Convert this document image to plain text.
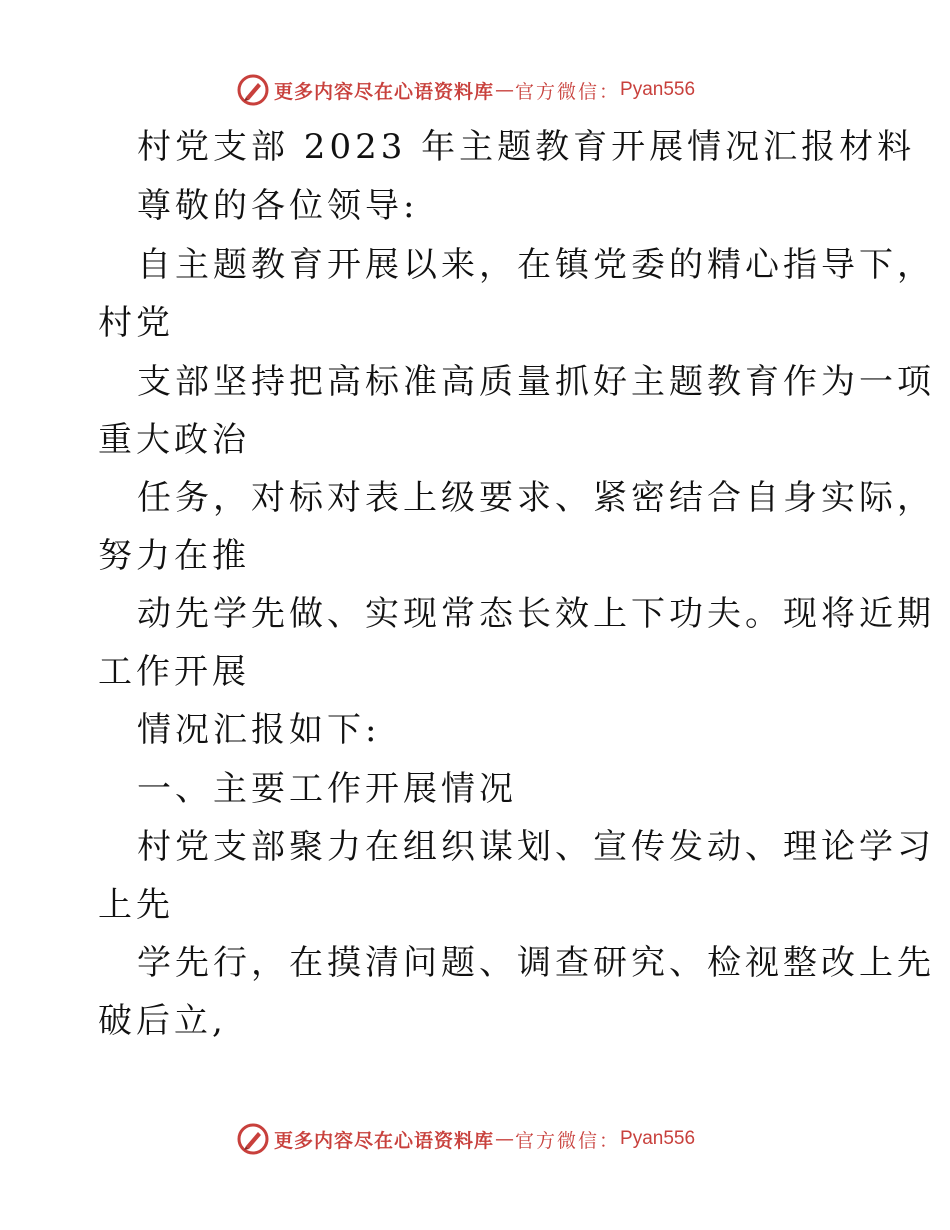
更多内容尽在心语资料库 — 官方微信： Pyan556
村党支部 2023 年主题教育开展情况汇报材料
尊敬的各位领导:
自主题教育开展以来，在镇党委的精心指导下，
村党
支部坚持把高标准高质量抓好主题教育作为一项
重大政治
任务，对标对表上级要求、紧密结合自身实际，
努力在推
动先学先做、实现常态长效上下功夫。现将近期
工作开展
情况汇报如下:
一、主要工作开展情况
村党支部聚力在组织谋划、宣传发动、理论学习
上先
学先行，在摸清问题、调查研究、检视整改上先
破后立,
更多内容尽在心语资料库 — 官方微信： Pyan556
